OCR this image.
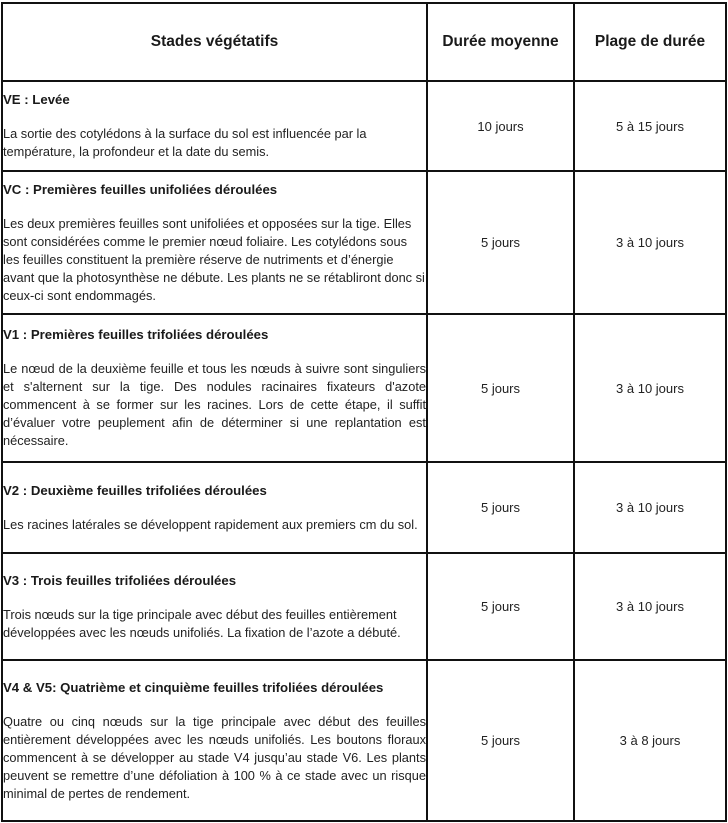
Stades végétatifs	Durée moyenne	Plage de durée

VE : Levée

La sortie des cotylédons à la surface du sol est influencée par la température, la profondeur et la date du semis.	10 jours	5 à 15 jours

VC : Premières feuilles unifoliées déroulées

Les deux premières feuilles sont unifoliées et opposées sur la tige. Elles sont considérées comme le premier nœud foliaire. Les cotylédons sous les feuilles constituent la première réserve de nutriments et d’énergie avant que la photosynthèse ne débute. Les plants ne se rétabliront donc si ceux-ci sont endommagés.	5 jours	3 à 10 jours

V1 : Premières feuilles trifoliées déroulées

Le nœud de la deuxième feuille et tous les nœuds à suivre sont singuliers et s'alternent sur la tige. Des nodules racinaires fixateurs d'azote commencent à se former sur les racines. Lors de cette étape, il suffit d’évaluer votre peuplement afin de déterminer si une replantation est nécessaire.	5 jours	3 à 10 jours

V2 : Deuxième feuilles trifoliées déroulées

Les racines latérales se développent rapidement aux premiers cm du sol.	5 jours	3 à 10 jours

V3 : Trois feuilles trifoliées déroulées

Trois nœuds sur la tige principale avec début des feuilles entièrement développées avec les nœuds unifoliés. La fixation de l’azote a débuté.	5 jours	3 à 10 jours

V4 & V5: Quatrième et cinquième feuilles trifoliées déroulées

Quatre ou cinq nœuds sur la tige principale avec début des feuilles entièrement développées avec les nœuds unifoliés. Les boutons floraux commencent à se développer au stade V4 jusqu’au stade V6. Les plants peuvent se remettre d’une défoliation à 100 % à ce stade avec un risque minimal de pertes de rendement.	5 jours	3 à 8 jours
